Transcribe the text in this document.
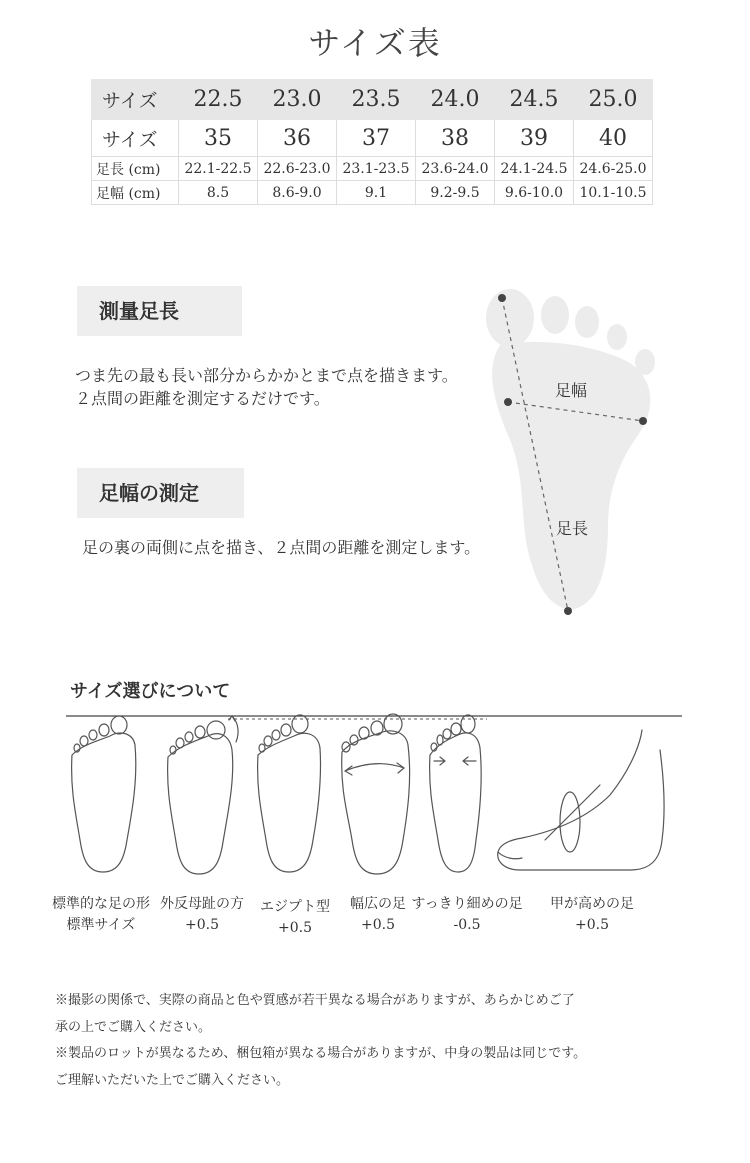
サイズ表
サイズ	22.5	23.0	23.5	24.0	24.5	25.0
サイズ	35	36	37	38	39	40
足長 (cm)	22.1-22.5	22.6-23.0	23.1-23.5	23.6-24.0	24.1-24.5	24.6-25.0
足幅 (cm)	8.5	8.6-9.0	9.1	9.2-9.5	9.6-10.0	10.1-10.5
測量足長
つま先の最も長い部分からかかとまで点を描きます。
２点間の距離を測定するだけです。
足幅の測定
足の裏の両側に点を描き、２点間の距離を測定します。
足幅
足長
サイズ選びについて
標準的な足の形
標準サイズ
外反母趾の方
+0.5
エジプト型
+0.5
幅広の足
+0.5
すっきり細めの足
-0.5
甲が高めの足
+0.5
※撮影の関係で、実際の商品と色や質感が若干異なる場合がありますが、あらかじめご了
承の上でご購入ください。
※製品のロットが異なるため、梱包箱が異なる場合がありますが、中身の製品は同じです。
ご理解いただいた上でご購入ください。
